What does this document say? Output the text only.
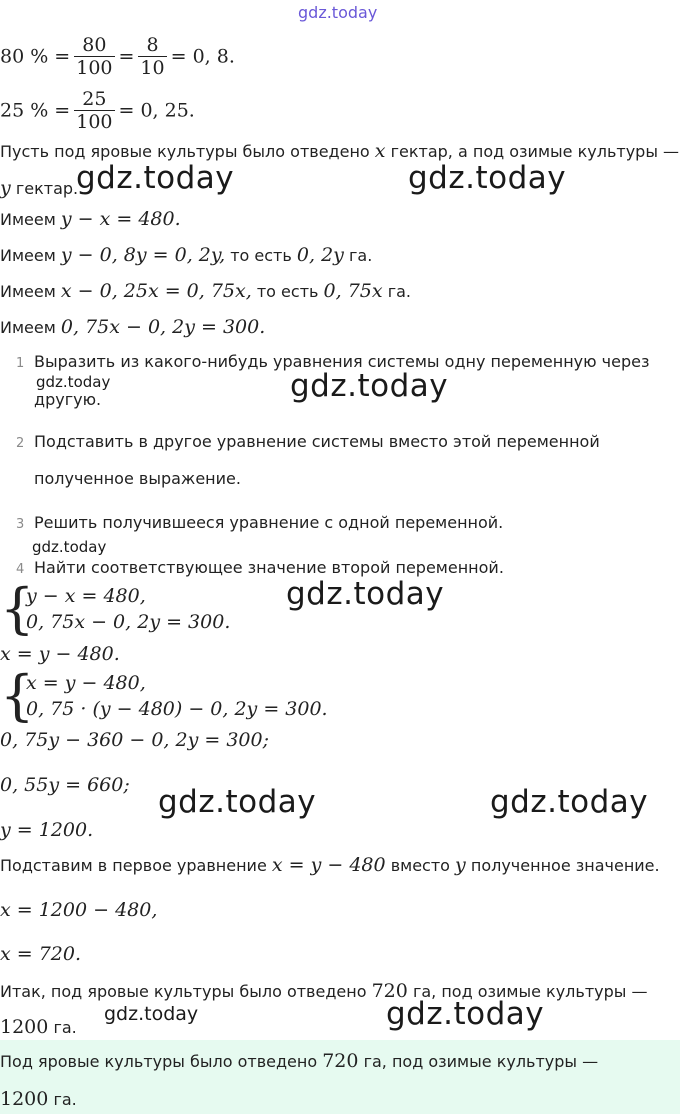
gdz.today
80 % = $\frac{80}{100} = \frac{8}{10} = 0$, 8.
25 % = $\frac{25}{100} = 0$, 25.
Пусть под яровые культуры было отведено x гектар, а под озимые культуры —
y гектар.
gdz.today	gdz.today
Имеем y − x = 480.
Имеем y − 0, 8y = 0, 2y, то есть 0, 2y га.
Имеем x − 0, 25x = 0, 75x, то есть 0, 75x га.
Имеем 0, 75x − 0, 2y = 300.
1 Выразить из какого-нибудь уравнения системы одну переменную через
gdz.today
другую.	gdz.today
2 Подставить в другое уравнение системы вместо этой переменной
полученное выражение.
3 Решить получившееся уравнение с одной переменной.
gdz.today
4 Найти соответствующее значение второй переменной.
{
y − x = 480,
0, 75x − 0, 2y = 300.
gdz.today
x = y − 480.
{
x = y − 480,
0, 75 · (y − 480) − 0, 2y = 300.
0, 75y − 360 − 0, 2y = 300;
0, 55y = 660; gdz.today	gdz.today
y = 1200.
Подставим в первое уравнение x = y − 480 вместо y полученное значение.
x = 1200 − 480,
x = 720.
Итак, под яровые культуры было отведено 720 га, под озимые культуры —
1200 га.
gdz.today	gdz.today
Под яровые культуры было отведено 720 га, под озимые культуры —
1200 га.
